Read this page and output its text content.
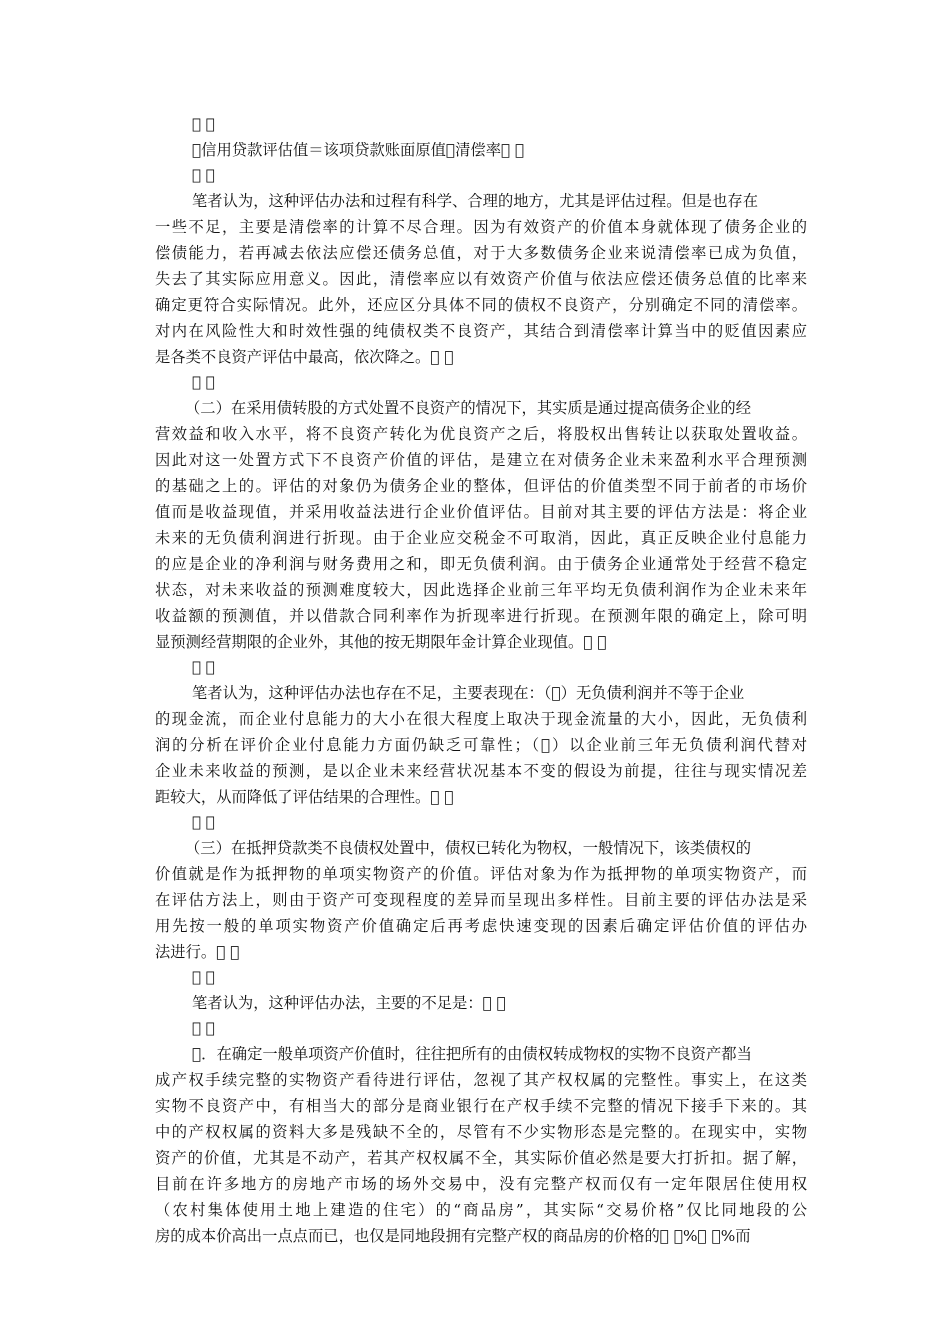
   
 信用贷款评估值＝该项贷款账面原值 清偿率   
   
笔者认为，这种评估办法和过程有科学、合理的地方，尤其是评估过程。但是也存在
一些不足，主要是清偿率的计算不尽合理。因为有效资产的价值本身就体现了债务企业的
偿债能力，若再减去依法应偿还债务总值，对于大多数债务企业来说清偿率已成为负值，
失去了其实际应用意义。因此，清偿率应以有效资产价值与依法应偿还债务总值的比率来
确定更符合实际情况。此外，还应区分具体不同的债权不良资产，分别确定不同的清偿率。
对内在风险性大和时效性强的纯债权类不良资产，其结合到清偿率计算当中的贬值因素应
是各类不良资产评估中最高，依次降之。   
   
（二）在采用债转股的方式处置不良资产的情况下，其实质是通过提高债务企业的经
营效益和收入水平，将不良资产转化为优良资产之后，将股权出售转让以获取处置收益。
因此对这一处置方式下不良资产价值的评估，是建立在对债务企业未来盈利水平合理预测
的基础之上的。评估的对象仍为债务企业的整体，但评估的价值类型不同于前者的市场价
值而是收益现值，并采用收益法进行企业价值评估。目前对其主要的评估方法是：将企业
未来的无负债利润进行折现。由于企业应交税金不可取消，因此，真正反映企业付息能力
的应是企业的净利润与财务费用之和，即无负债利润。由于债务企业通常处于经营不稳定
状态，对未来收益的预测难度较大，因此选择企业前三年平均无负债利润作为企业未来年
收益额的预测值，并以借款合同利率作为折现率进行折现。在预测年限的确定上，除可明
显预测经营期限的企业外，其他的按无期限年金计算企业现值。   
   
笔者认为，这种评估办法也存在不足，主要表现在：（ ）无负债利润并不等于企业
的现金流，而企业付息能力的大小在很大程度上取决于现金流量的大小，因此，无负债利
润的分析在评价企业付息能力方面仍缺乏可靠性；（ ）以企业前三年无负债利润代替对
企业未来收益的预测，是以企业未来经营状况基本不变的假设为前提，往往与现实情况差
距较大，从而降低了评估结果的合理性。   
   
（三）在抵押贷款类不良债权处置中，债权已转化为物权，一般情况下，该类债权的
价值就是作为抵押物的单项实物资产的价值。评估对象为作为抵押物的单项实物资产，而
在评估方法上，则由于资产可变现程度的差异而呈现出多样性。目前主要的评估办法是采
用先按一般的单项实物资产价值确定后再考虑快速变现的因素后确定评估价值的评估办
法进行。   
   
笔者认为，这种评估办法，主要的不足是：   
   
 ．在确定一般单项资产价值时，往往把所有的由债权转成物权的实物不良资产都当
成产权手续完整的实物资产看待进行评估，忽视了其产权权属的完整性。事实上，在这类
实物不良资产中，有相当大的部分是商业银行在产权手续不完整的情况下接手下来的。其
中的产权权属的资料大多是残缺不全的，尽管有不少实物形态是完整的。在现实中，实物
资产的价值，尤其是不动产，若其产权权属不全，其实际价值必然是要大打折扣。据了解，
目前在许多地方的房地产市场的场外交易中，没有完整产权而仅有一定年限居住使用权
（农村集体使用土地上建造的住宅）的“商品房”，其实际“交易价格”仅比同地段的公
房的成本价高出一点点而已，也仅是同地段拥有完整产权的商品房的价格的   %   %而
